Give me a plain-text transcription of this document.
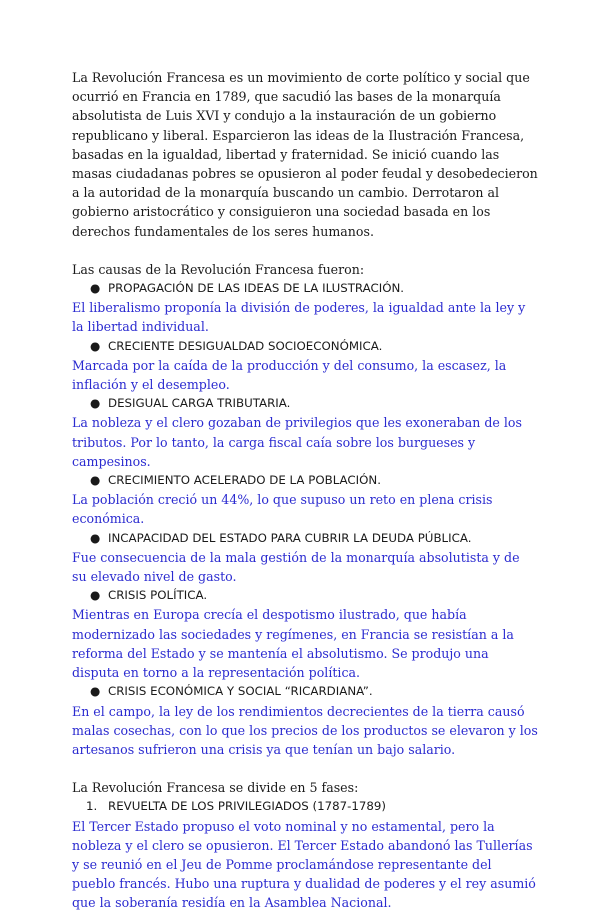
La Revolución Francesa es un movimiento de corte político y social que ocurrió en Francia en 1789, que sacudió las bases de la monarquía absolutista de Luis XVI y condujo a la instauración de un gobierno republicano y liberal. Esparcieron las ideas de la Ilustración Francesa, basadas en la igualdad, libertad y fraternidad. Se inició cuando las masas ciudadanas pobres se opusieron al poder feudal y desobedecieron a la autoridad de la monarquía buscando un cambio. Derrotaron al gobierno aristocrático y consiguieron una sociedad basada en los derechos fundamentales de los seres humanos.

Las causas de la Revolución Francesa fueron:

● PROPAGACIÓN DE LAS IDEAS DE LA ILUSTRACIÓN.

El liberalismo proponía la división de poderes, la igualdad ante la ley y la libertad individual.

● CRECIENTE DESIGUALDAD SOCIOECONÓMICA.

Marcada por la caída de la producción y del consumo, la escasez, la inflación y el desempleo.

● DESIGUAL CARGA TRIBUTARIA.

La nobleza y el clero gozaban de privilegios que les exoneraban de los tributos. Por lo tanto, la carga fiscal caía sobre los burgueses y campesinos.

● CRECIMIENTO ACELERADO DE LA POBLACIÓN.

La población creció un 44%, lo que supuso un reto en plena crisis económica.

● INCAPACIDAD DEL ESTADO PARA CUBRIR LA DEUDA PÚBLICA.

Fue consecuencia de la mala gestión de la monarquía absolutista y de su elevado nivel de gasto.

● CRISIS POLÍTICA.

Mientras en Europa crecía el despotismo ilustrado, que había modernizado las sociedades y regímenes, en Francia se resistían a la reforma del Estado y se mantenía el absolutismo. Se produjo una disputa en torno a la representación política.

● CRISIS ECONÓMICA Y SOCIAL “RICARDIANA”.

En el campo, la ley de los rendimientos decrecientes de la tierra causó malas cosechas, con lo que los precios de los productos se elevaron y los artesanos sufrieron una crisis ya que tenían un bajo salario.

La Revolución Francesa se divide en 5 fases:

1. REVUELTA DE LOS PRIVILEGIADOS (1787-1789)

El Tercer Estado propuso el voto nominal y no estamental, pero la nobleza y el clero se opusieron. El Tercer Estado abandonó las Tullerías y se reunió en el Jeu de Pomme proclamándose representante del pueblo francés. Hubo una ruptura y dualidad de poderes y el rey asumió que la soberanía residía en la Asamblea Nacional.
